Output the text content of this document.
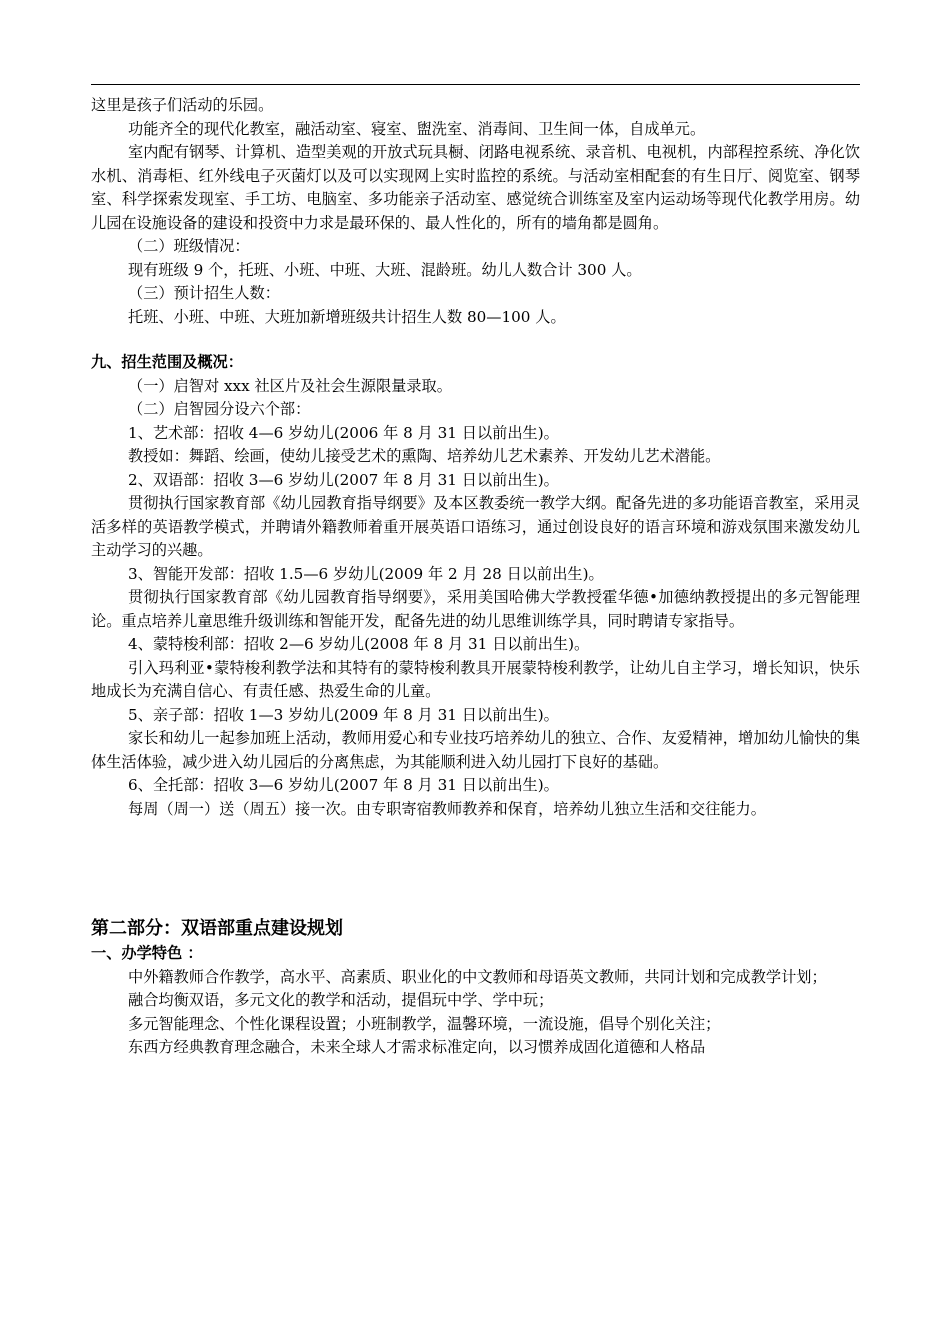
这里是孩子们活动的乐园。

功能齐全的现代化教室，融活动室、寝室、盥洗室、消毒间、卫生间一体，自成单元。

室内配有钢琴、计算机、造型美观的开放式玩具橱、闭路电视系统、录音机、电视机，内部程控系统、净化饮水机、消毒柜、红外线电子灭菌灯以及可以实现网上实时监控的系统。与活动室相配套的有生日厅、阅览室、钢琴室、科学探索发现室、手工坊、电脑室、多功能亲子活动室、感觉统合训练室及室内运动场等现代化教学用房。幼儿园在设施设备的建设和投资中力求是最环保的、最人性化的，所有的墙角都是圆角。

（二）班级情况：

现有班级 9 个，托班、小班、中班、大班、混龄班。幼儿人数合计 300 人。

（三）预计招生人数：

托班、小班、中班、大班加新增班级共计招生人数 80—100 人。

九、招生范围及概况：

（一）启智对 xxx 社区片及社会生源限量录取。

（二）启智园分设六个部：

1、艺术部：招收 4—6 岁幼儿(2006 年 8 月 31 日以前出生)。

教授如：舞蹈、绘画，使幼儿接受艺术的熏陶、培养幼儿艺术素养、开发幼儿艺术潜能。

2、双语部：招收 3—6 岁幼儿(2007 年 8 月 31 日以前出生)。

贯彻执行国家教育部《幼儿园教育指导纲要》及本区教委统一教学大纲。配备先进的多功能语音教室，采用灵活多样的英语教学模式，并聘请外籍教师着重开展英语口语练习，通过创设良好的语言环境和游戏氛围来激发幼儿主动学习的兴趣。

3、智能开发部：招收 1.5—6 岁幼儿(2009 年 2 月 28 日以前出生)。

贯彻执行国家教育部《幼儿园教育指导纲要》，采用美国哈佛大学教授霍华德•加德纳教授提出的多元智能理论。重点培养儿童思维升级训练和智能开发，配备先进的幼儿思维训练学具，同时聘请专家指导。

4、蒙特梭利部：招收 2—6 岁幼儿(2008 年 8 月 31 日以前出生)。

引入玛利亚•蒙特梭利教学法和其特有的蒙特梭利教具开展蒙特梭利教学，让幼儿自主学习，增长知识，快乐地成长为充满自信心、有责任感、热爱生命的儿童。

5、亲子部：招收 1—3 岁幼儿(2009 年 8 月 31 日以前出生)。

家长和幼儿一起参加班上活动，教师用爱心和专业技巧培养幼儿的独立、合作、友爱精神，增加幼儿愉快的集体生活体验，减少进入幼儿园后的分离焦虑，为其能顺利进入幼儿园打下良好的基础。

6、全托部：招收 3—6 岁幼儿(2007 年 8 月 31 日以前出生)。

每周（周一）送（周五）接一次。由专职寄宿教师教养和保育，培养幼儿独立生活和交往能力。

第二部分：双语部重点建设规划

一、办学特色 ：

中外籍教师合作教学，高水平、高素质、职业化的中文教师和母语英文教师，共同计划和完成教学计划；

融合均衡双语，多元文化的教学和活动，提倡玩中学、学中玩；

多元智能理念、个性化课程设置；小班制教学，温馨环境，一流设施，倡导个别化关注；

东西方经典教育理念融合，未来全球人才需求标准定向，以习惯养成固化道德和人格品
